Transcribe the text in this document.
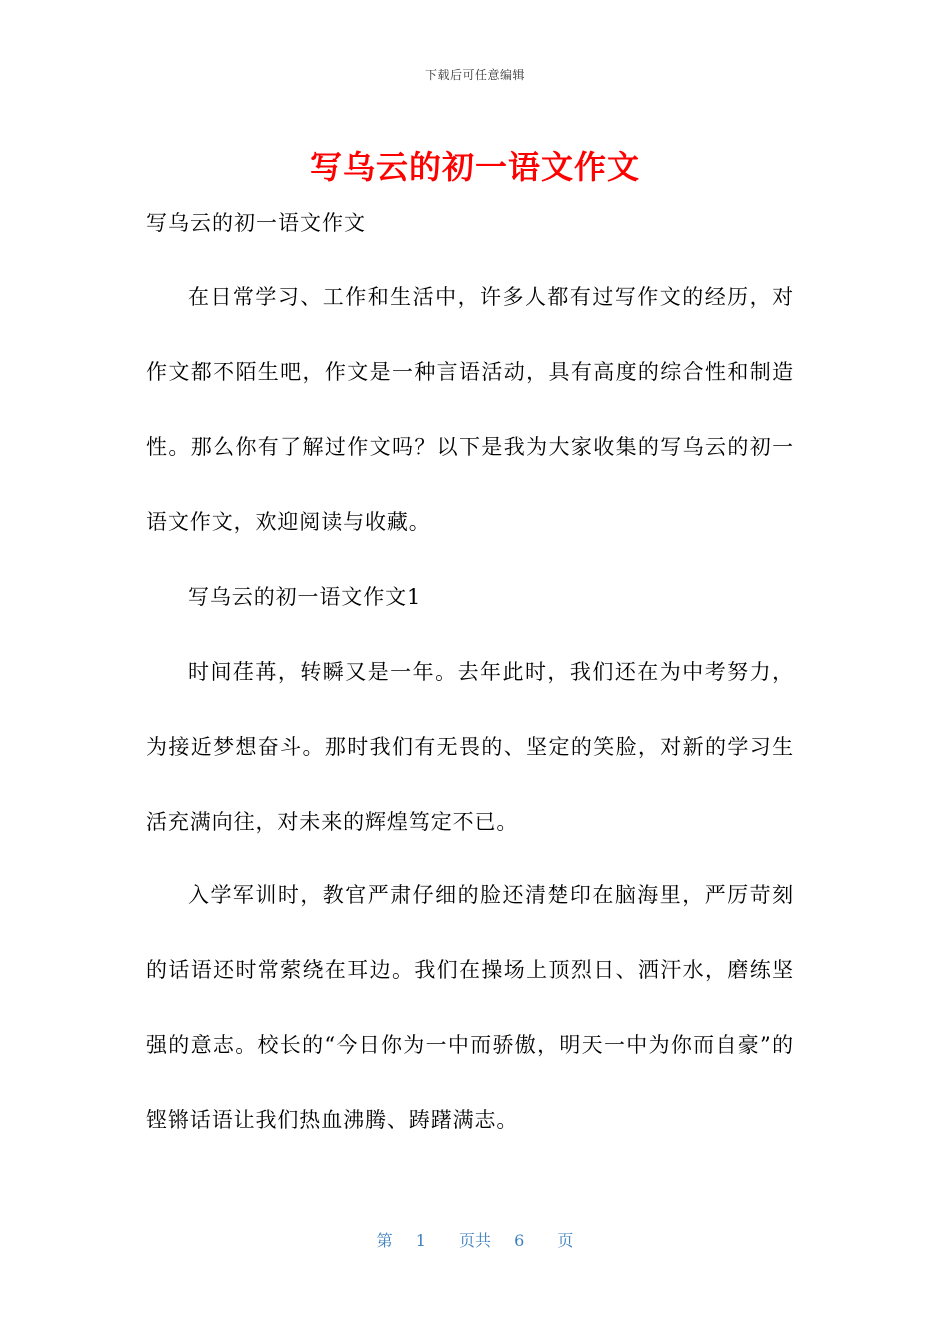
下载后可任意编辑
写乌云的初一语文作文
写乌云的初一语文作文

在日常学习、工作和生活中，许多人都有过写作文的经历，对作文都不陌生吧，作文是一种言语活动，具有高度的综合性和制造性。那么你有了解过作文吗？以下是我为大家收集的写乌云的初一语文作文，欢迎阅读与收藏。

写乌云的初一语文作文1

时间荏苒，转瞬又是一年。去年此时，我们还在为中考努力，为接近梦想奋斗。那时我们有无畏的、坚定的笑脸，对新的学习生活充满向往，对未来的辉煌笃定不已。

入学军训时，教官严肃仔细的脸还清楚印在脑海里，严厉苛刻的话语还时常萦绕在耳边。我们在操场上顶烈日、洒汗水，磨练坚强的意志。校长的“今日你为一中而骄傲，明天一中为你而自豪”的铿锵话语让我们热血沸腾、踌躇满志。

第 1 页共 6 页
